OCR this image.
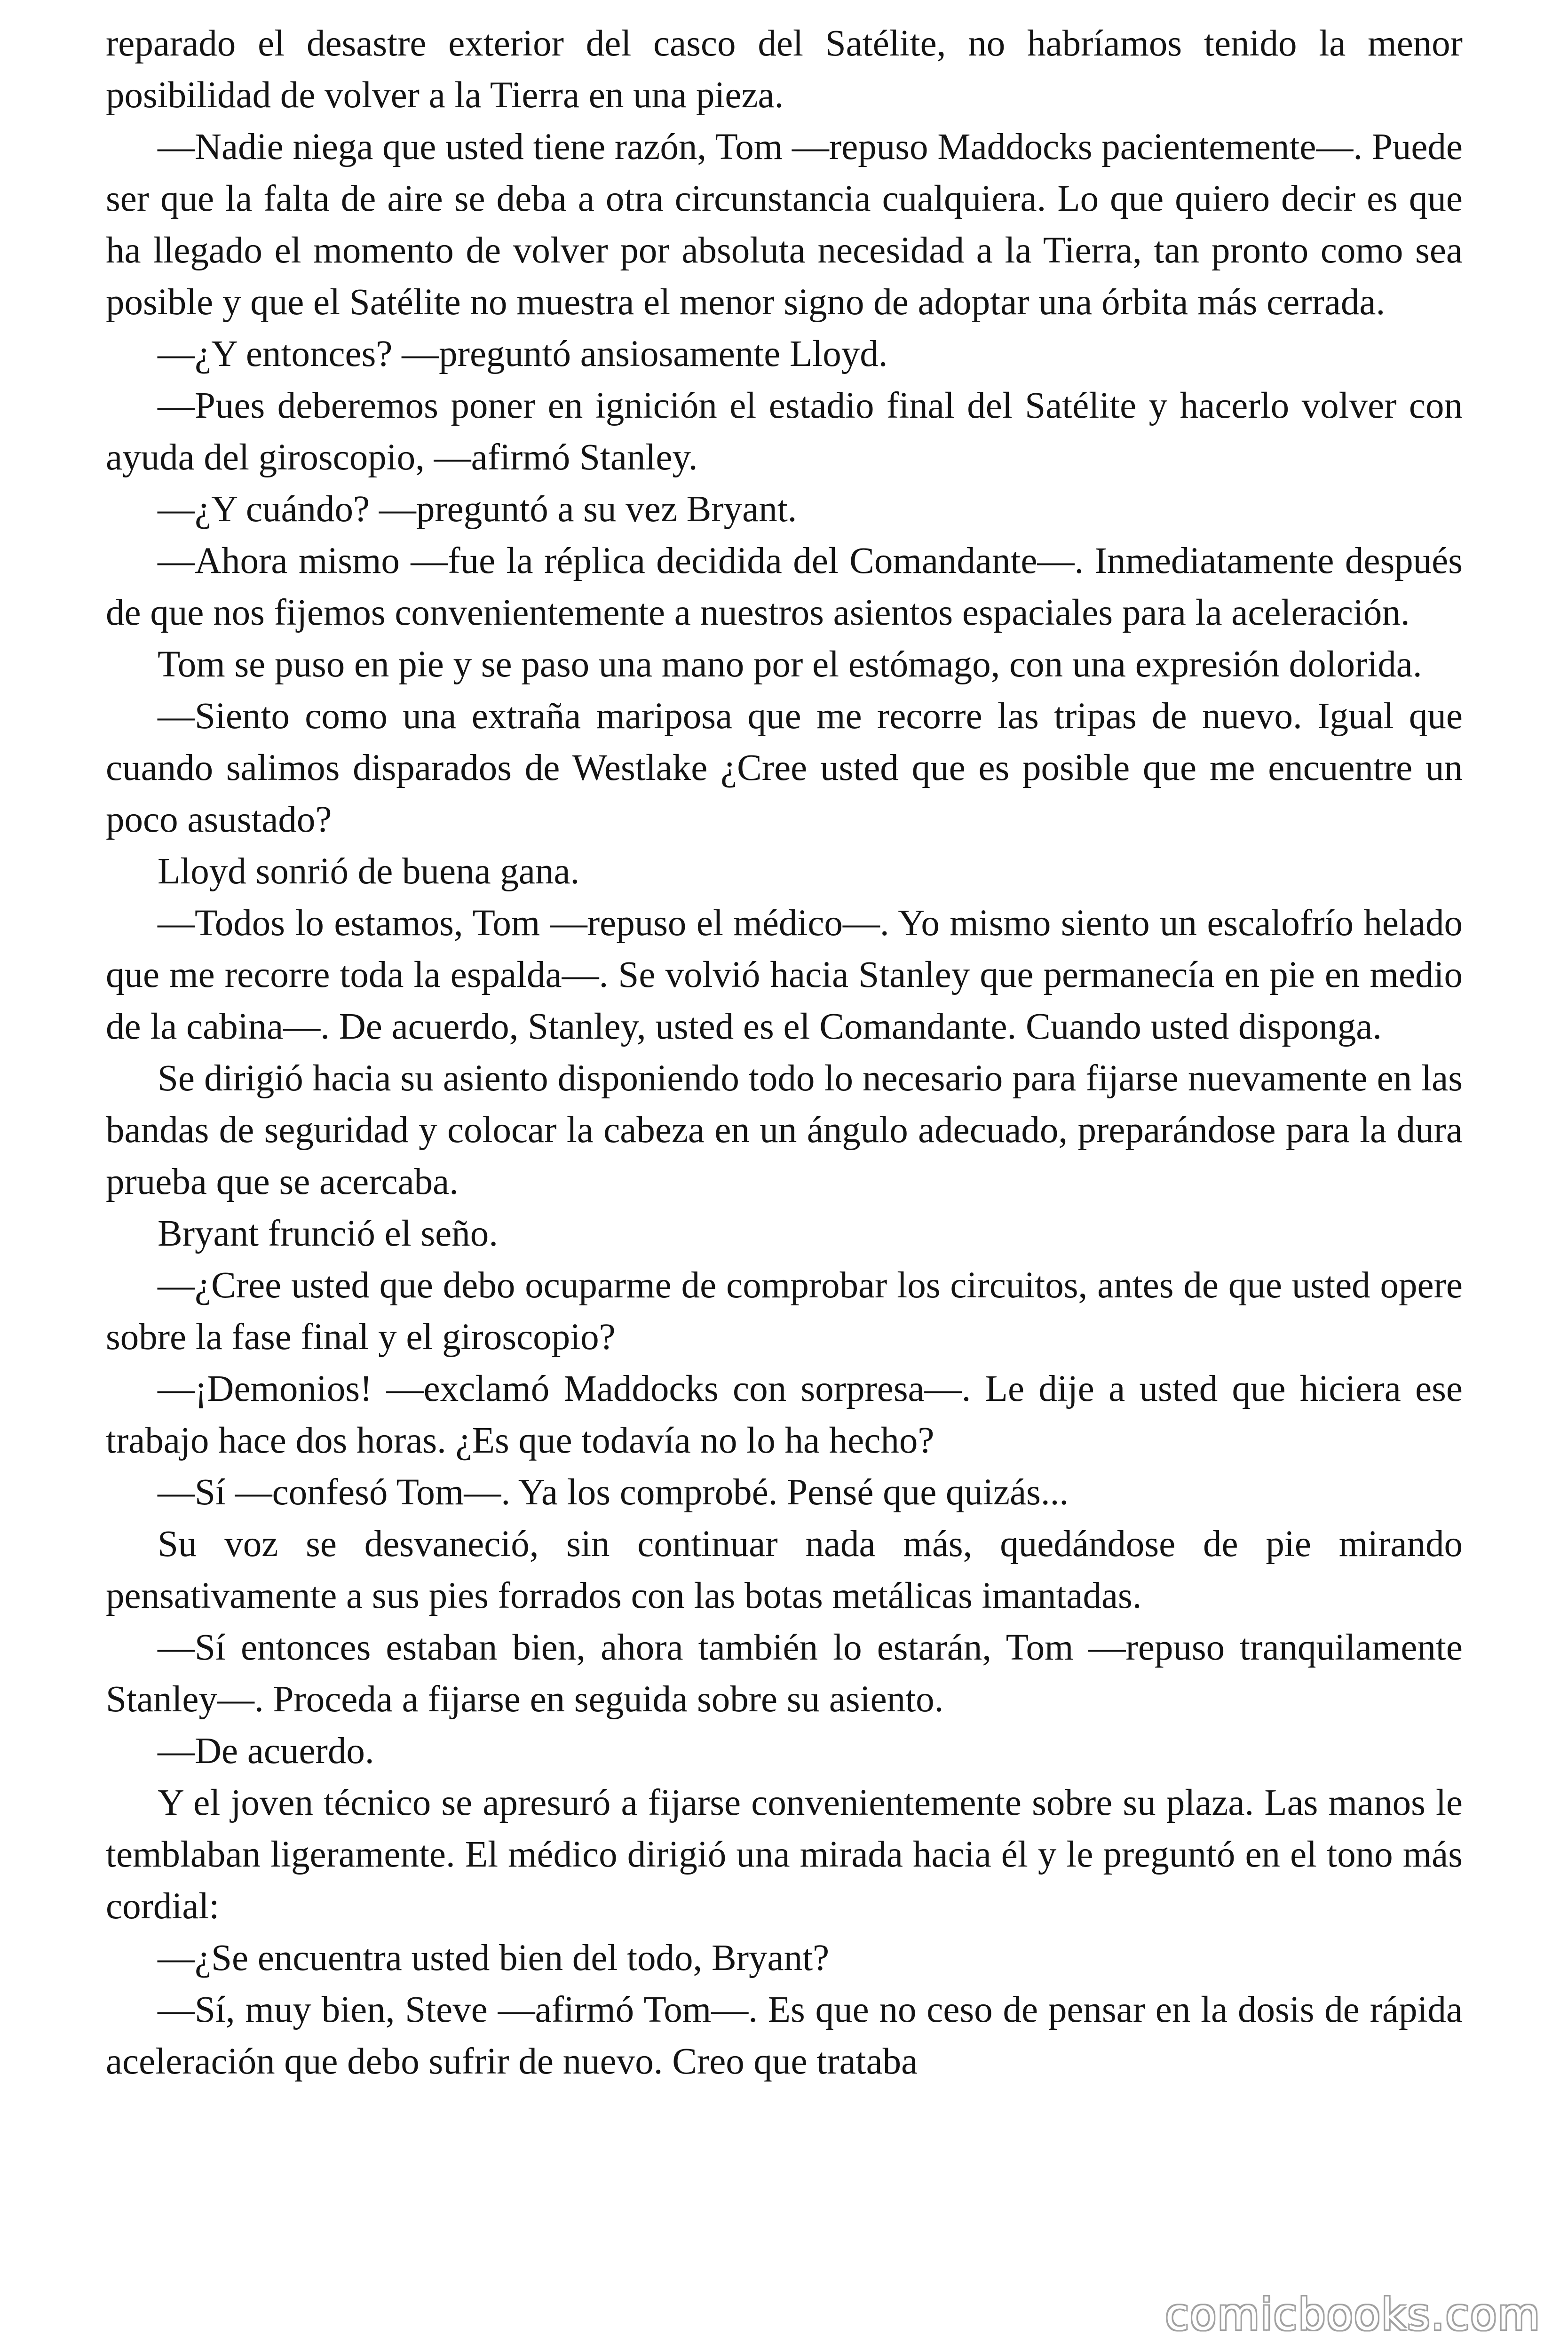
reparado el desastre exterior del casco del Satélite, no habríamos tenido la menor posibilidad de volver a la Tierra en una pieza.

—Nadie niega que usted tiene razón, Tom —repuso Maddocks pacientemente—. Puede ser que la falta de aire se deba a otra circunstancia cualquiera. Lo que quiero decir es que ha llegado el momento de volver por absoluta necesidad a la Tierra, tan pronto como sea posible y que el Satélite no muestra el menor signo de adoptar una órbita más cerrada.

—¿Y entonces? —preguntó ansiosamente Lloyd.

—Pues deberemos poner en ignición el estadio final del Satélite y hacerlo volver con ayuda del giroscopio, —afirmó Stanley.

—¿Y cuándo? —preguntó a su vez Bryant.

—Ahora mismo —fue la réplica decidida del Comandante—. Inmediatamente después de que nos fijemos convenientemente a nuestros asientos espaciales para la aceleración.

Tom se puso en pie y se paso una mano por el estómago, con una expresión dolorida.

—Siento como una extraña mariposa que me recorre las tripas de nuevo. Igual que cuando salimos disparados de Westlake ¿Cree usted que es posible que me encuentre un poco asustado?

Lloyd sonrió de buena gana.

—Todos lo estamos, Tom —repuso el médico—. Yo mismo siento un escalofrío helado que me recorre toda la espalda—. Se volvió hacia Stanley que permanecía en pie en medio de la cabina—. De acuerdo, Stanley, usted es el Comandante. Cuando usted disponga.

Se dirigió hacia su asiento disponiendo todo lo necesario para fijarse nuevamente en las bandas de seguridad y colocar la cabeza en un ángulo adecuado, preparándose para la dura prueba que se acercaba.

Bryant frunció el seño.

—¿Cree usted que debo ocuparme de comprobar los circuitos, antes de que usted opere sobre la fase final y el giroscopio?

—¡Demonios! —exclamó Maddocks con sorpresa—. Le dije a usted que hiciera ese trabajo hace dos horas. ¿Es que todavía no lo ha hecho?

—Sí —confesó Tom—. Ya los comprobé. Pensé que quizás...

Su voz se desvaneció, sin continuar nada más, quedándose de pie mirando pensativamente a sus pies forrados con las botas metálicas imantadas.

—Sí entonces estaban bien, ahora también lo estarán, Tom —repuso tranquilamente Stanley—. Proceda a fijarse en seguida sobre su asiento.

—De acuerdo.

Y el joven técnico se apresuró a fijarse convenientemente sobre su plaza. Las manos le temblaban ligeramente. El médico dirigió una mirada hacia él y le preguntó en el tono más cordial:

—¿Se encuentra usted bien del todo, Bryant?

—Sí, muy bien, Steve —afirmó Tom—. Es que no ceso de pensar en la dosis de rápida aceleración que debo sufrir de nuevo. Creo que trataba

comicbooks.com
